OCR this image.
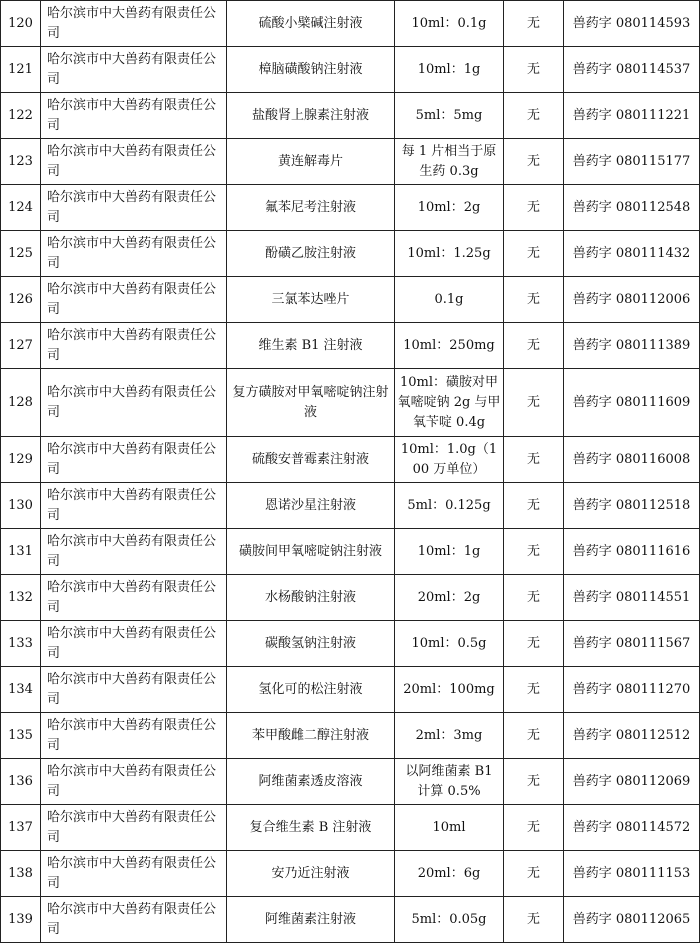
120	哈尔滨市中大兽药有限责任公司	硫酸小檗碱注射液	10ml：0.1g	无	兽药字 080114593
121	哈尔滨市中大兽药有限责任公司	樟脑磺酸钠注射液	10ml：1g	无	兽药字 080114537
122	哈尔滨市中大兽药有限责任公司	盐酸肾上腺素注射液	5ml：5mg	无	兽药字 080111221
123	哈尔滨市中大兽药有限责任公司	黄连解毒片	每 1 片相当于原生药 0.3g	无	兽药字 080115177
124	哈尔滨市中大兽药有限责任公司	氟苯尼考注射液	10ml：2g	无	兽药字 080112548
125	哈尔滨市中大兽药有限责任公司	酚磺乙胺注射液	10ml：1.25g	无	兽药字 080111432
126	哈尔滨市中大兽药有限责任公司	三氯苯达唑片	0.1g	无	兽药字 080112006
127	哈尔滨市中大兽药有限责任公司	维生素 B1 注射液	10ml：250mg	无	兽药字 080111389
128	哈尔滨市中大兽药有限责任公司	复方磺胺对甲氧嘧啶钠注射液	10ml：磺胺对甲氧嘧啶钠 2g 与甲氧苄啶 0.4g	无	兽药字 080111609
129	哈尔滨市中大兽药有限责任公司	硫酸安普霉素注射液	10ml：1.0g（100 万单位）	无	兽药字 080116008
130	哈尔滨市中大兽药有限责任公司	恩诺沙星注射液	5ml：0.125g	无	兽药字 080112518
131	哈尔滨市中大兽药有限责任公司	磺胺间甲氧嘧啶钠注射液	10ml：1g	无	兽药字 080111616
132	哈尔滨市中大兽药有限责任公司	水杨酸钠注射液	20ml：2g	无	兽药字 080114551
133	哈尔滨市中大兽药有限责任公司	碳酸氢钠注射液	10ml：0.5g	无	兽药字 080111567
134	哈尔滨市中大兽药有限责任公司	氢化可的松注射液	20ml：100mg	无	兽药字 080111270
135	哈尔滨市中大兽药有限责任公司	苯甲酸雌二醇注射液	2ml：3mg	无	兽药字 080112512
136	哈尔滨市中大兽药有限责任公司	阿维菌素透皮溶液	以阿维菌素 B1 计算 0.5%	无	兽药字 080112069
137	哈尔滨市中大兽药有限责任公司	复合维生素 B 注射液	10ml	无	兽药字 080114572
138	哈尔滨市中大兽药有限责任公司	安乃近注射液	20ml：6g	无	兽药字 080111153
139	哈尔滨市中大兽药有限责任公司	阿维菌素注射液	5ml：0.05g	无	兽药字 080112065
